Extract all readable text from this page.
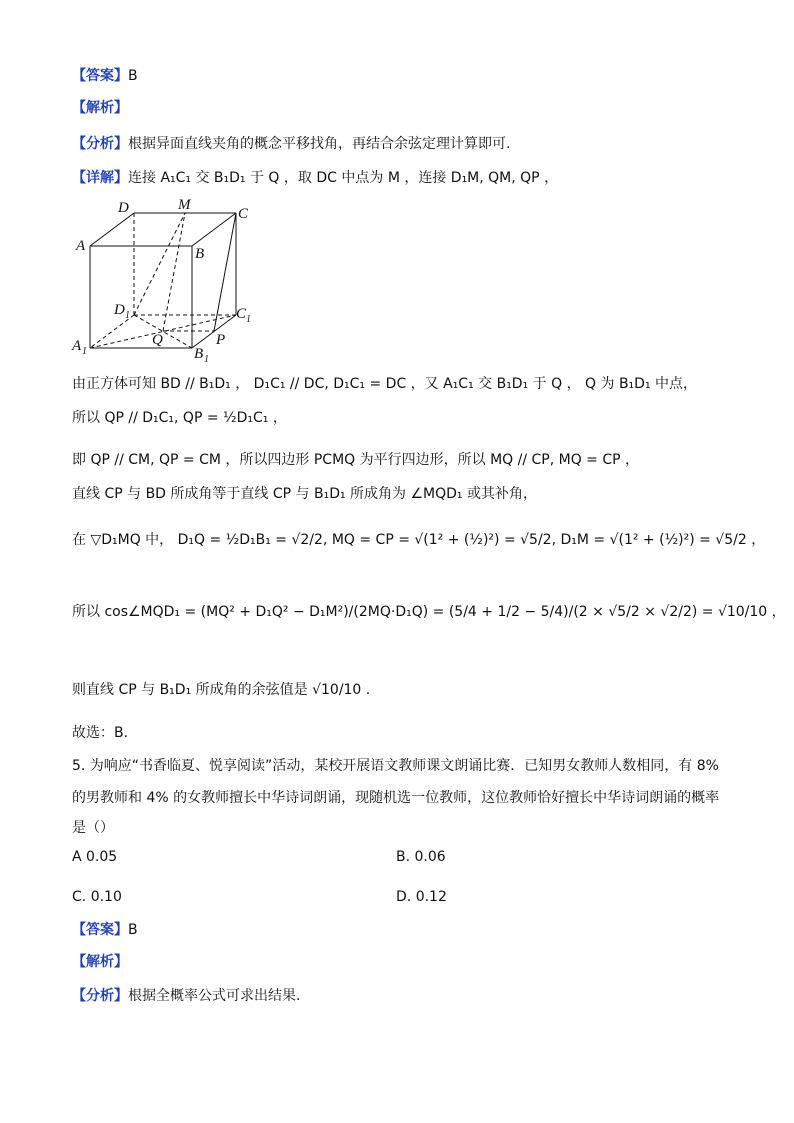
【答案】B
【解析】
【分析】根据异面直线夹角的概念平移找角，再结合余弦定理计算即可.
【详解】连接 A₁C₁ 交 B₁D₁ 于 Q ，取 DC 中点为 M ，连接 D₁M, QM, QP ，
D	M
C
A	B
D 1	C 1
A 1	B 1
Q	P
由正方体可知 BD // B₁D₁ ， D₁C₁ // DC, D₁C₁ = DC ，又 A₁C₁ 交 B₁D₁ 于 Q ， Q 为 B₁D₁ 中点，
所以 QP // D₁C₁, QP = ½D₁C₁ ，
即 QP // CM, QP = CM ，所以四边形 PCMQ 为平行四边形，所以 MQ // CP, MQ = CP ，
直线 CP 与 BD 所成角等于直线 CP 与 B₁D₁ 所成角为 ∠MQD₁ 或其补角，
在 ▽D₁MQ 中， D₁Q = ½D₁B₁ = √2/2, MQ = CP = √(1² + (½)²) = √5/2, D₁M = √(1² + (½)²) = √5/2 ，
所以 cos∠MQD₁ = (MQ² + D₁Q² − D₁M²)/(2MQ·D₁Q) = (5/4 + 1/2 − 5/4)/(2 × √5/2 × √2/2) = √10/10 ，
则直线 CP 与 B₁D₁ 所成角的余弦值是 √10/10 .
故选：B.
5. 为响应“书香临夏、悦享阅读”活动，某校开展语文教师课文朗诵比赛．已知男女教师人数相同，有 8%
的男教师和 4% 的女教师擅长中华诗词朗诵，现随机选一位教师，这位教师恰好擅长中华诗词朗诵的概率
是（）
A 0.05	B. 0.06
C. 0.10	D. 0.12
【答案】B
【解析】
【分析】根据全概率公式可求出结果.
